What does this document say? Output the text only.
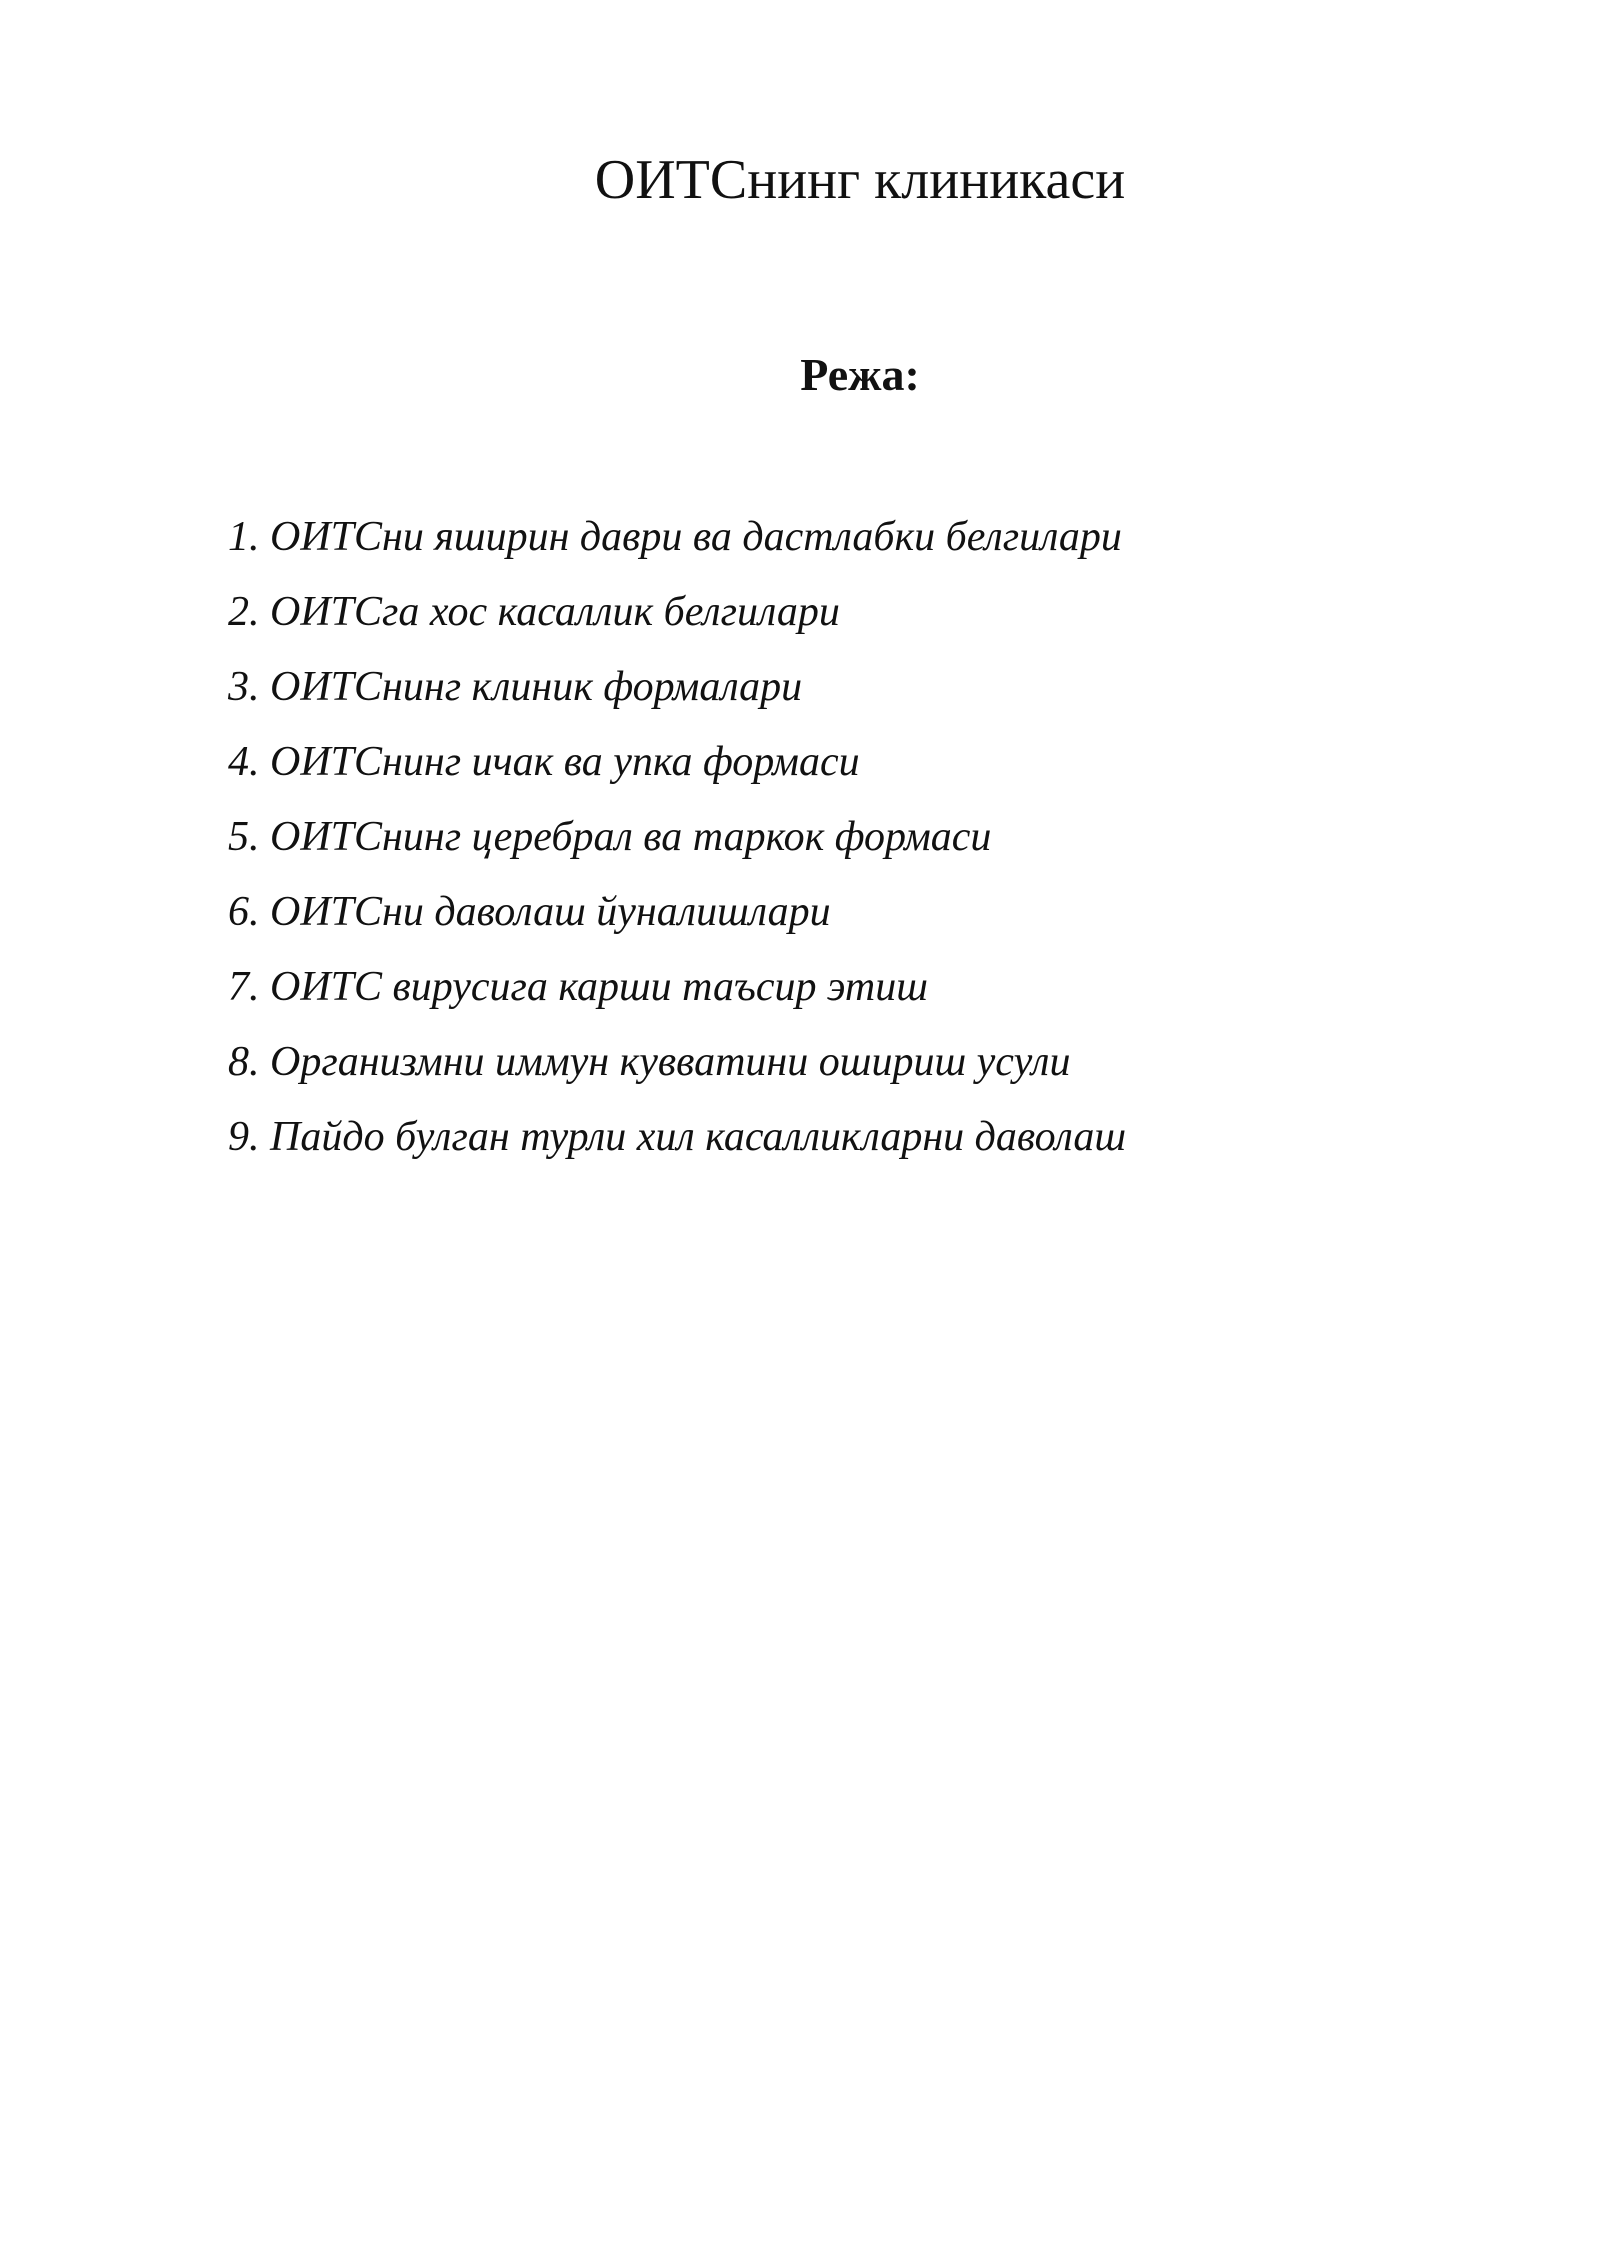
ОИТСнинг клиникаси
Режа:
1. ОИТСни яширин даври ва дастлабки белгилари
2. ОИТСга хос касаллик белгилари
3. ОИТСнинг клиник формалари
4. ОИТСнинг ичак ва упка формаси
5. ОИТСнинг церебрал ва таркок формаси
6. ОИТСни даволаш йуналишлари
7. ОИТС вирусига карши таъсир этиш
8. Организмни иммун кувватини ошириш усули
9. Пайдо булган турли хил касалликларни даволаш
